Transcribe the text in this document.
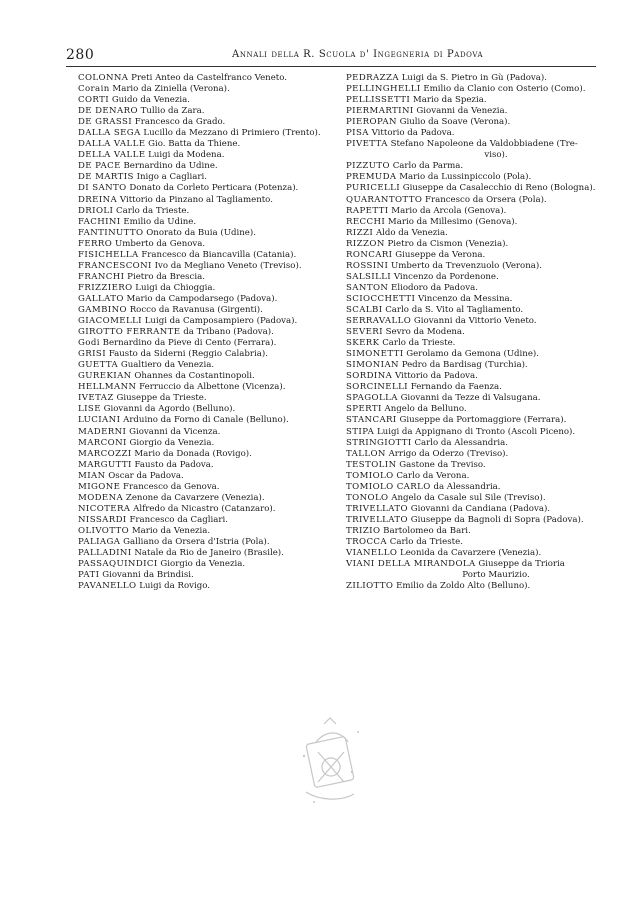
280	Annali della R. Scuola d' Ingegneria di Padova
COLONNA Preti Anteo da Castelfranco Veneto.
Corain Mario da Ziniella (Verona).
CORTI Guido da Venezia.
DE DENARO Tullio da Zara.
DE GRASSI Francesco da Grado.
DALLA SEGA Lucillo da Mezzano di Primiero (Trento).
DALLA VALLE Gio. Batta da Thiene.
DELLA VALLE Luigi da Modena.
DE PACE Bernardino da Udine.
DE MARTIS Inigo a Cagliari.
DI SANTO Donato da Corleto Perticara (Potenza).
DREINA Vittorio da Pinzano al Tagliamento.
DRIOLI Carlo da Trieste.
FACHINI Emilio da Udine.
FANTINUTTO Onorato da Buia (Udine).
FERRO Umberto da Genova.
FISICHELLA Francesco da Biancavilla (Catania).
FRANCESCONI Ivo da Megliano Veneto (Treviso).
FRANCHI Pietro da Brescia.
FRIZZIERO Luigi da Chioggia.
GALLATO Mario da Campodarsego (Padova).
GAMBINO Rocco da Ravanusa (Girgenti).
GIACOMELLI Luigi da Camposampiero (Padova).
GIROTTO FERRANTE da Tribano (Padova).
Godi Bernardino da Pieve di Cento (Ferrara).
GRISI Fausto da Siderni (Reggio Calabria).
GUETTA Gualtiero da Venezia.
GUREKIAN Ohannes da Costantinopoli.
HELLMANN Ferruccio da Albettone (Vicenza).
IVETAZ Giuseppe da Trieste.
LISE Giovanni da Agordo (Belluno).
LUCIANI Arduino da Forno di Canale (Belluno).
MADERNI Giovanni da Vicenza.
MARCONI Giorgio da Venezia.
MARCOZZI Mario da Donada (Rovigo).
MARGUTTI Fausto da Padova.
MIAN Oscar da Padova.
MIGONE Francesco da Genova.
MODENA Zenone da Cavarzere (Venezia).
NICOTERA Alfredo da Nicastro (Catanzaro).
NISSARDI Francesco da Cagliari.
OLIVOTTO Mario da Venezia.
PALIAGA Galliano da Orsera d'Istria (Pola).
PALLADINI Natale da Rio de Janeiro (Brasile).
PASSAQUINDICI Giorgio da Venezia.
PATI Giovanni da Brindisi.
PAVANELLO Luigi da Rovigo.
PEDRAZZA Luigi da S. Pietro in Gù (Padova).
PELLINGHELLI Emilio da Clanio con Osterio (Como).
PELLISSETTI Mario da Spezia.
PIERMARTINI Giovanni da Venezia.
PIEROPAN Giulio da Soave (Verona).
PISA Vittorio da Padova.
PIVETTA Stefano Napoleone da Valdobbiadene (Tre-
viso).
PIZZUTO Carlo da Parma.
PREMUDA Mario da Lussinpiccolo (Pola).
PURICELLI Giuseppe da Casalecchio di Reno (Bologna).
QUARANTOTTO Francesco da Orsera (Pola).
RAPETTI Mario da Arcola (Genova).
RECCHI Mario da Millesimo (Genova).
RIZZI Aldo da Venezia.
RIZZON Pietro da Cismon (Venezia).
RONCARI Giuseppe da Verona.
ROSSINI Umberto da Trevenzuolo (Verona).
SALSILLI Vincenzo da Pordenone.
SANTON Eliodoro da Padova.
SCIOCCHETTI Vincenzo da Messina.
SCALBI Carlo da S. Vito al Tagliamento.
SERRAVALLO Giovanni da Vittorio Veneto.
SEVERI Sevro da Modena.
SKERK Carlo da Trieste.
SIMONETTI Gerolamo da Gemona (Udine).
SIMONIAN Pedro da Bardisag (Turchia).
SORDINA Vittorio da Padova.
SORCINELLI Fernando da Faenza.
SPAGOLLA Giovanni da Tezze di Valsugana.
SPERTI Angelo da Belluno.
STANCARI Giuseppe da Portomaggiore (Ferrara).
STIPA Luigi da Appignano di Tronto (Ascoli Piceno).
STRINGIOTTI Carlo da Alessandria.
TALLON Arrigo da Oderzo (Treviso).
TESTOLIN Gastone da Treviso.
TOMIOLO Carlo da Verona.
TOMIOLO CARLO da Alessandria.
TONOLO Angelo da Casale sul Sile (Treviso).
TRIVELLATO Giovanni da Candiana (Padova).
TRIVELLATO Giuseppe da Bagnoli di Sopra (Padova).
TRIZIO Bartolomeo da Bari.
TROCCA Carlo da Trieste.
VIANELLO Leonida da Cavarzere (Venezia).
VIANI DELLA MIRANDOLA Giuseppe da Trioria
Porto Maurizio.
ZILIOTTO Emilio da Zoldo Alto (Belluno).
